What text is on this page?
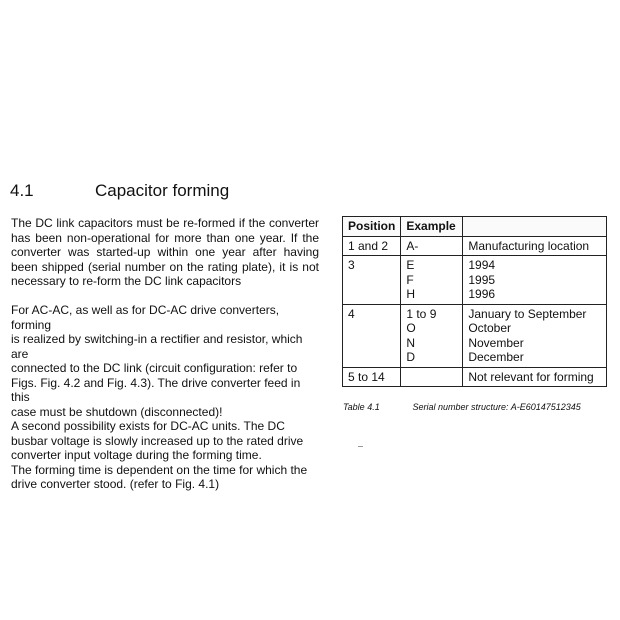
4.1	Capacitor forming
The DC link capacitors must be re-formed if the converter has been non-operational for more than one year. If the converter was started-up within one year after having been shipped (serial number on the rating plate), it is not necessary to re-form the DC link capacitors
For AC-AC, as well as for DC-AC drive converters, forming
is realized by switching-in a rectifier and resistor, which are
connected to the DC link (circuit configuration: refer to
Figs. Fig. 4.2 and Fig. 4.3). The drive converter feed in this
case must be shutdown (disconnected)!
A second possibility exists for DC-AC units. The DC
busbar voltage is slowly increased up to the rated drive
converter input voltage during the forming time.
The forming time is dependent on the time for which the
drive converter stood. (refer to Fig. 4.1)
Position	Example	
1 and 2	A-	Manufacturing location
3	E
F
H	1994
1995
1996

4	1 to 9
O
N
D	January to September
October
November
December

5 to 14		Not relevant for forming
Table 4.1	Serial number structure: A-E60147512345
